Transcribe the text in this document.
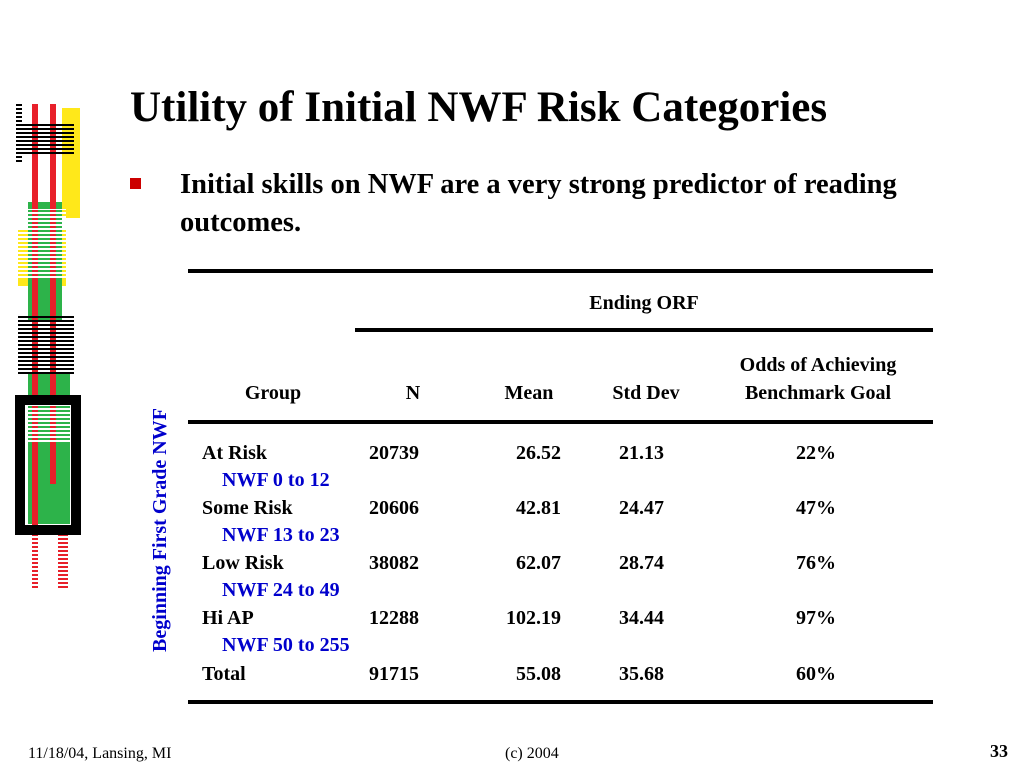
Utility of Initial NWF Risk Categories
Initial skills on NWF are a very strong predictor of reading outcomes.
Beginning First Grade NWF
Ending ORF
Group	N	Mean	Std Dev
Odds of Achieving
Benchmark Goal
At Risk	20739	26.52	21.13	22%
NWF 0 to 12
Some Risk	20606	42.81	24.47	47%
NWF 13 to 23
Low Risk	38082	62.07	28.74	76%
NWF 24 to 49
Hi AP	12288	102.19	34.44	97%
NWF 50 to 255
Total	91715	55.08	35.68	60%
11/18/04, Lansing, MI	(c) 2004	33
